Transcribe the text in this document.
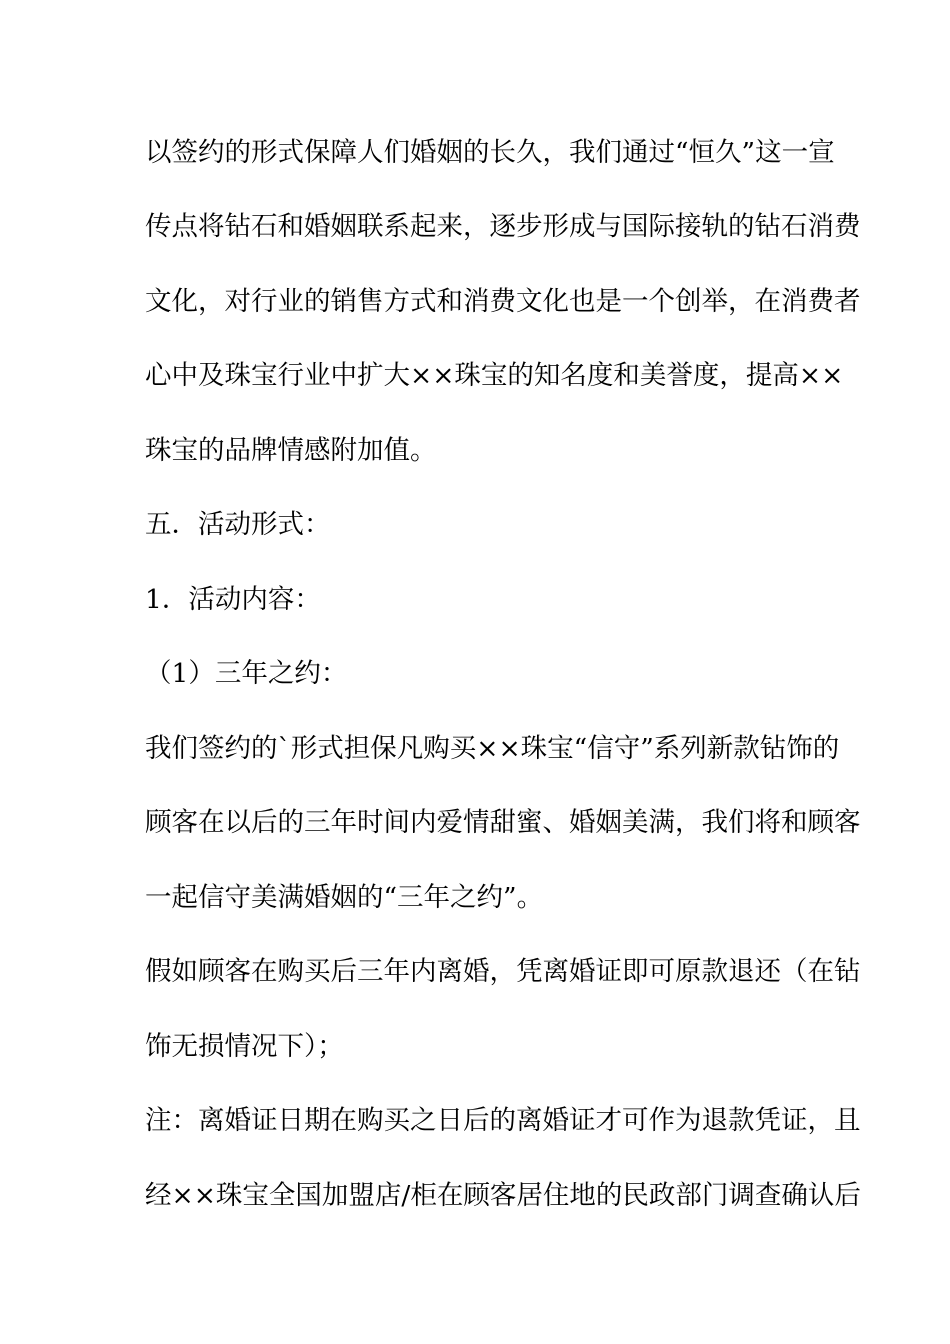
以签约的形式保障人们婚姻的长久，我们通过“恒久”这一宣
传点将钻石和婚姻联系起来，逐步形成与国际接轨的钻石消费
文化，对行业的销售方式和消费文化也是一个创举，在消费者
心中及珠宝行业中扩大××珠宝的知名度和美誉度，提高××
珠宝的品牌情感附加值。
五．活动形式：
1．活动内容：
（1）三年之约：
我们签约的`形式担保凡购买××珠宝“信守”系列新款钻饰的
顾客在以后的三年时间内爱情甜蜜、婚姻美满，我们将和顾客
一起信守美满婚姻的“三年之约”。
假如顾客在购买后三年内离婚，凭离婚证即可原款退还（在钻
饰无损情况下）；
注：离婚证日期在购买之日后的离婚证才可作为退款凭证，且
经××珠宝全国加盟店/柜在顾客居住地的民政部门调查确认后
